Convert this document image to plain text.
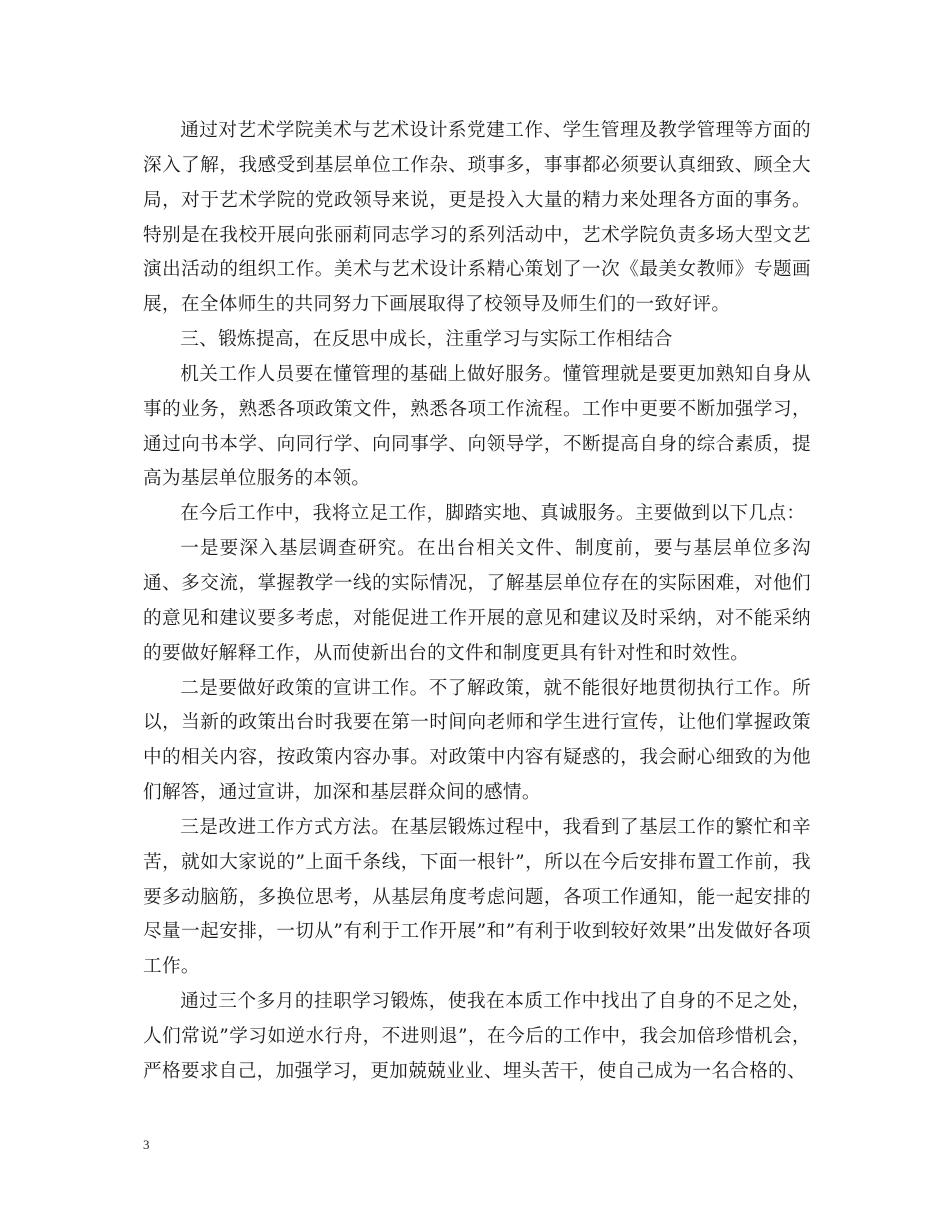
通过对艺术学院美术与艺术设计系党建工作、学生管理及教学管理等方面的深入了解，我感受到基层单位工作杂、琐事多，事事都必须要认真细致、顾全大局，对于艺术学院的党政领导来说，更是投入大量的精力来处理各方面的事务。特别是在我校开展向张丽莉同志学习的系列活动中，艺术学院负责多场大型文艺演出活动的组织工作。美术与艺术设计系精心策划了一次《最美女教师》专题画展，在全体师生的共同努力下画展取得了校领导及师生们的一致好评。

三、锻炼提高，在反思中成长，注重学习与实际工作相结合

机关工作人员要在懂管理的基础上做好服务。懂管理就是要更加熟知自身从事的业务，熟悉各项政策文件，熟悉各项工作流程。工作中更要不断加强学习，通过向书本学、向同行学、向同事学、向领导学，不断提高自身的综合素质，提高为基层单位服务的本领。

在今后工作中，我将立足工作，脚踏实地、真诚服务。主要做到以下几点：

一是要深入基层调查研究。在出台相关文件、制度前，要与基层单位多沟通、多交流，掌握教学一线的实际情况，了解基层单位存在的实际困难，对他们的意见和建议要多考虑，对能促进工作开展的意见和建议及时采纳，对不能采纳的要做好解释工作，从而使新出台的文件和制度更具有针对性和时效性。

二是要做好政策的宣讲工作。不了解政策，就不能很好地贯彻执行工作。所以，当新的政策出台时我要在第一时间向老师和学生进行宣传，让他们掌握政策中的相关内容，按政策内容办事。对政策中内容有疑惑的，我会耐心细致的为他们解答，通过宣讲，加深和基层群众间的感情。

三是改进工作方式方法。在基层锻炼过程中，我看到了基层工作的繁忙和辛苦，就如大家说的”上面千条线，下面一根针”，所以在今后安排布置工作前，我要多动脑筋，多换位思考，从基层角度考虑问题，各项工作通知，能一起安排的尽量一起安排，一切从”有利于工作开展”和”有利于收到较好效果”出发做好各项工作。

通过三个多月的挂职学习锻炼，使我在本质工作中找出了自身的不足之处，人们常说”学习如逆水行舟，不进则退”，在今后的工作中，我会加倍珍惜机会，严格要求自己，加强学习，更加兢兢业业、埋头苦干，使自己成为一名合格的、

3
